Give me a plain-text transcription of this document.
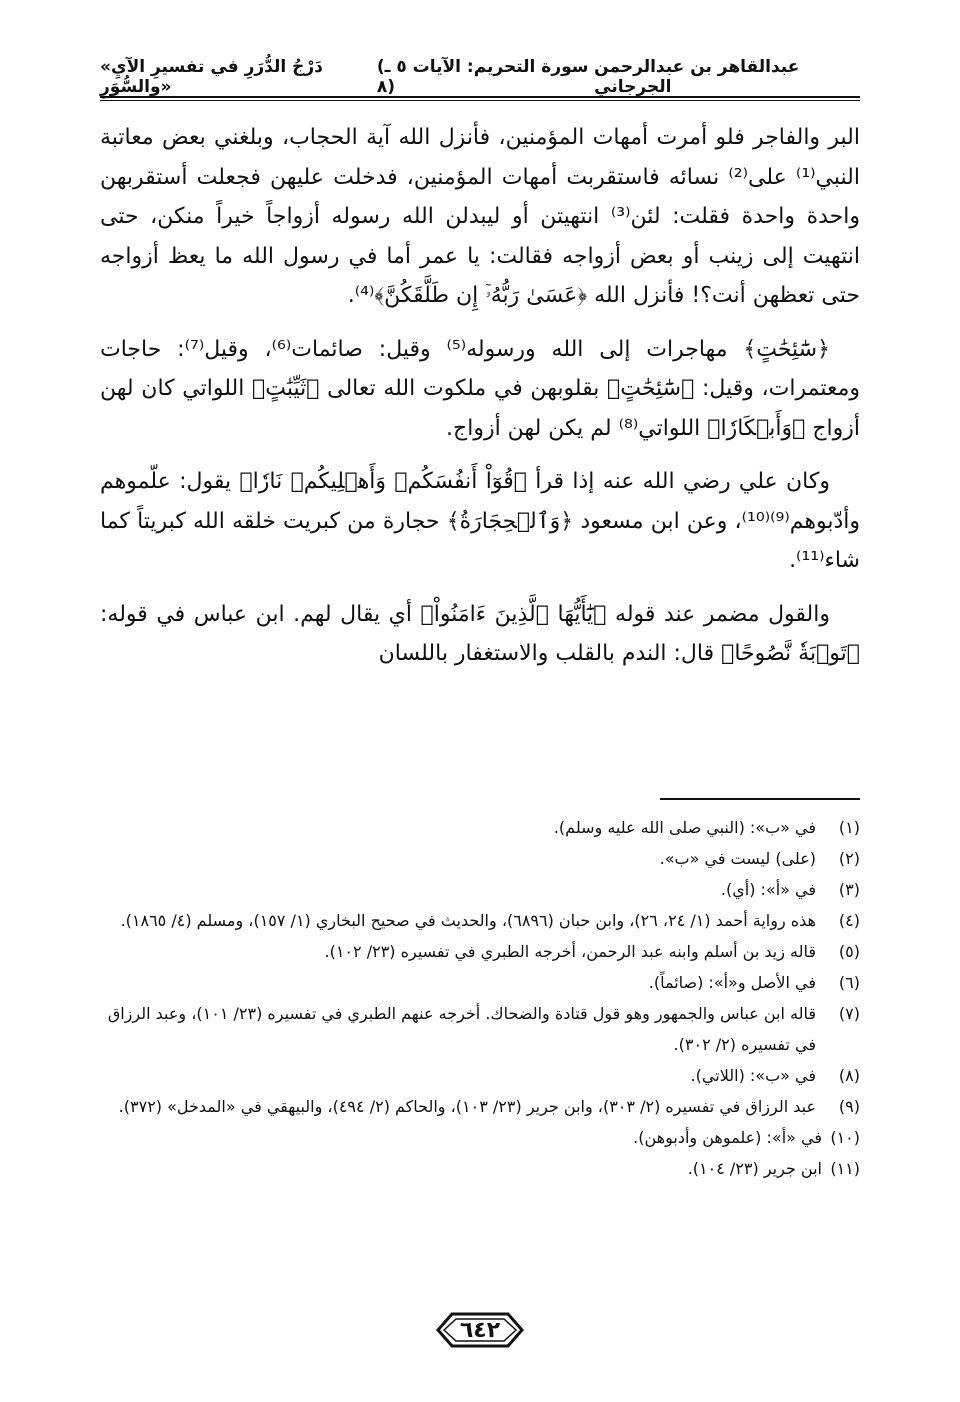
«دَرْجُ الدُّرَرِ في تفسيرِ الآيِ والسُّوَرِ»
(سورة التحريم: الآيات ٥ ـ ٨)
عبدالقاهر بن عبدالرحمن الجرجاني

البر والفاجر فلو أمرت أمهات المؤمنين، فأنزل الله آية الحجاب، وبلغني بعض معاتبة النبي⁽¹⁾ على⁽²⁾ نسائه فاستقربت أمهات المؤمنين، فدخلت عليهن فجعلت أستقربهن واحدة واحدة فقلت: لئن⁽³⁾ انتهيتن أو ليبدلن الله رسوله أزواجاً خيراً منكن، حتى انتهيت إلى زينب أو بعض أزواجه فقالت: يا عمر أما في رسول الله ما يعظ أزواجه حتى تعظهن أنت؟! فأنزل الله ﴿عَسَىٰ رَبُّهُۥٓ إِن طَلَّقَكُنَّ﴾⁽⁴⁾.

﴿سَٰٓئِحَٰتٍ﴾ مهاجرات إلى الله ورسوله⁽⁵⁾ وقيل: صائمات⁽⁶⁾، وقيل⁽⁷⁾: حاجات ومعتمرات، وقيل: ﴿سَٰٓئِحَٰتٍ﴾ بقلوبهن في ملكوت الله تعالى ﴿ثَيِّبَٰتٍ﴾ اللواتي كان لهن أزواج ﴿وَأَبۡكَارٗا﴾ اللواتي⁽⁸⁾ لم يكن لهن أزواج.

وكان علي رضي الله عنه إذا قرأ ﴿قُوٓاْ أَنفُسَكُمۡ وَأَهۡلِيكُمۡ نَارٗا﴾ يقول: علّموهم وأدّبوهم⁽⁹⁾⁽¹⁰⁾، وعن ابن مسعود ﴿وَٱلۡحِجَارَةُ﴾ حجارة من كبريت خلقه الله كبريتاً كما شاء⁽¹¹⁾.

والقول مضمر عند قوله ﴿يَٰٓأَيُّهَا ٱلَّذِينَ ءَامَنُواْ﴾ أي يقال لهم. ابن عباس في قوله: ﴿تَوۡبَةٗ نَّصُوحًا﴾ قال: الندم بالقلب والاستغفار باللسان

(١)
في «ب»: (النبي صلى الله عليه وسلم).

(٢)
(على) ليست في «ب».

(٣)
في «أ»: (أي).

(٤)
هذه رواية أحمد (١/ ٢٤، ٢٦)، وابن حبان (٦٨٩٦)، والحديث في صحيح البخاري (١/ ١٥٧)، ومسلم (٤/ ١٨٦٥).

(٥)
قاله زيد بن أسلم وابنه عبد الرحمن، أخرجه الطبري في تفسيره (٢٣/ ١٠٢).

(٦)
في الأصل و«أ»: (صائماً).

(٧)
قاله ابن عباس والجمهور وهو قول قتادة والضحاك. أخرجه عنهم الطبري في تفسيره (٢٣/ ١٠١)، وعبد الرزاق في تفسيره (٢/ ٣٠٢).

(٨)
في «ب»: (اللاتي).

(٩)
عبد الرزاق في تفسيره (٢/ ٣٠٣)، وابن جرير (٢٣/ ١٠٣)، والحاكم (٢/ ٤٩٤)، والبيهقي في «المدخل» (٣٧٢).

(١٠)
في «أ»: (علموهن وأدبوهن).

(١١)
ابن جرير (٢٣/ ١٠٤).

٦٤٢
